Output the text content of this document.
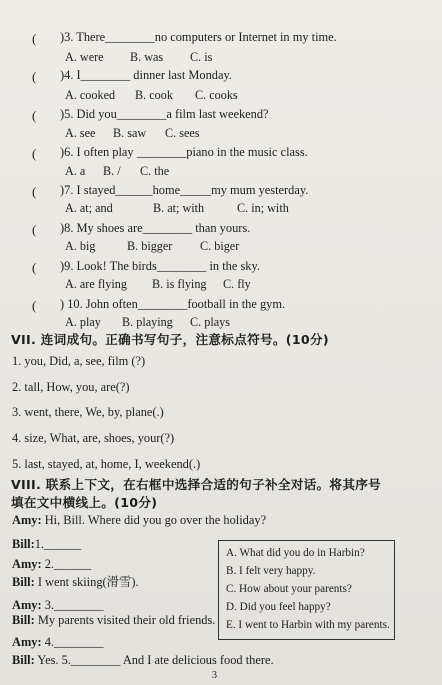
( )3. There________no computers or Internet in my time.
A. were B. was C. is
( )4. I________ dinner last Monday.
A. cooked B. cook C. cooks
( )5. Did you________a film last weekend?
A. see B. saw C. sees
( )6. I often play ________piano in the music class.
A. a B. / C. the
( )7. I stayed______home_____my mum yesterday.
A. at; and	B. at; with	C. in; with
( )8. My shoes are________ than yours.
A. big	B. bigger C. biger
( )9. Look! The birds________ in the sky.
A. are flying B. is flying C. fly
( ) 10. John often________football in the gym.
A. play B. playing C. plays
VII. 连词成句。正确书写句子，注意标点符号。(10分)
1. you, Did, a, see, film (?)
2. tall, How, you, are(?)
3. went, there, We, by, plane(.)
4. size, What, are, shoes, your(?)
5. last, stayed, at, home, I, weekend(.)
VIII. 联系上下文，在右框中选择合适的句子补全对话。将其序号
填在文中横线上。(10分)
Amy: Hi, Bill. Where did you go over the holiday?
Bill:1.______
Amy: 2.______
Bill: I went skiing(滑雪).
Amy: 3.________
Bill: My parents visited their old friends.
Amy: 4.________
Bill: Yes. 5.________ And I ate delicious food there.
A. What did you do in Harbin?
B. I felt very happy.
C. How about your parents?
D. Did you feel happy?
E. I went to Harbin with my parents.
3
